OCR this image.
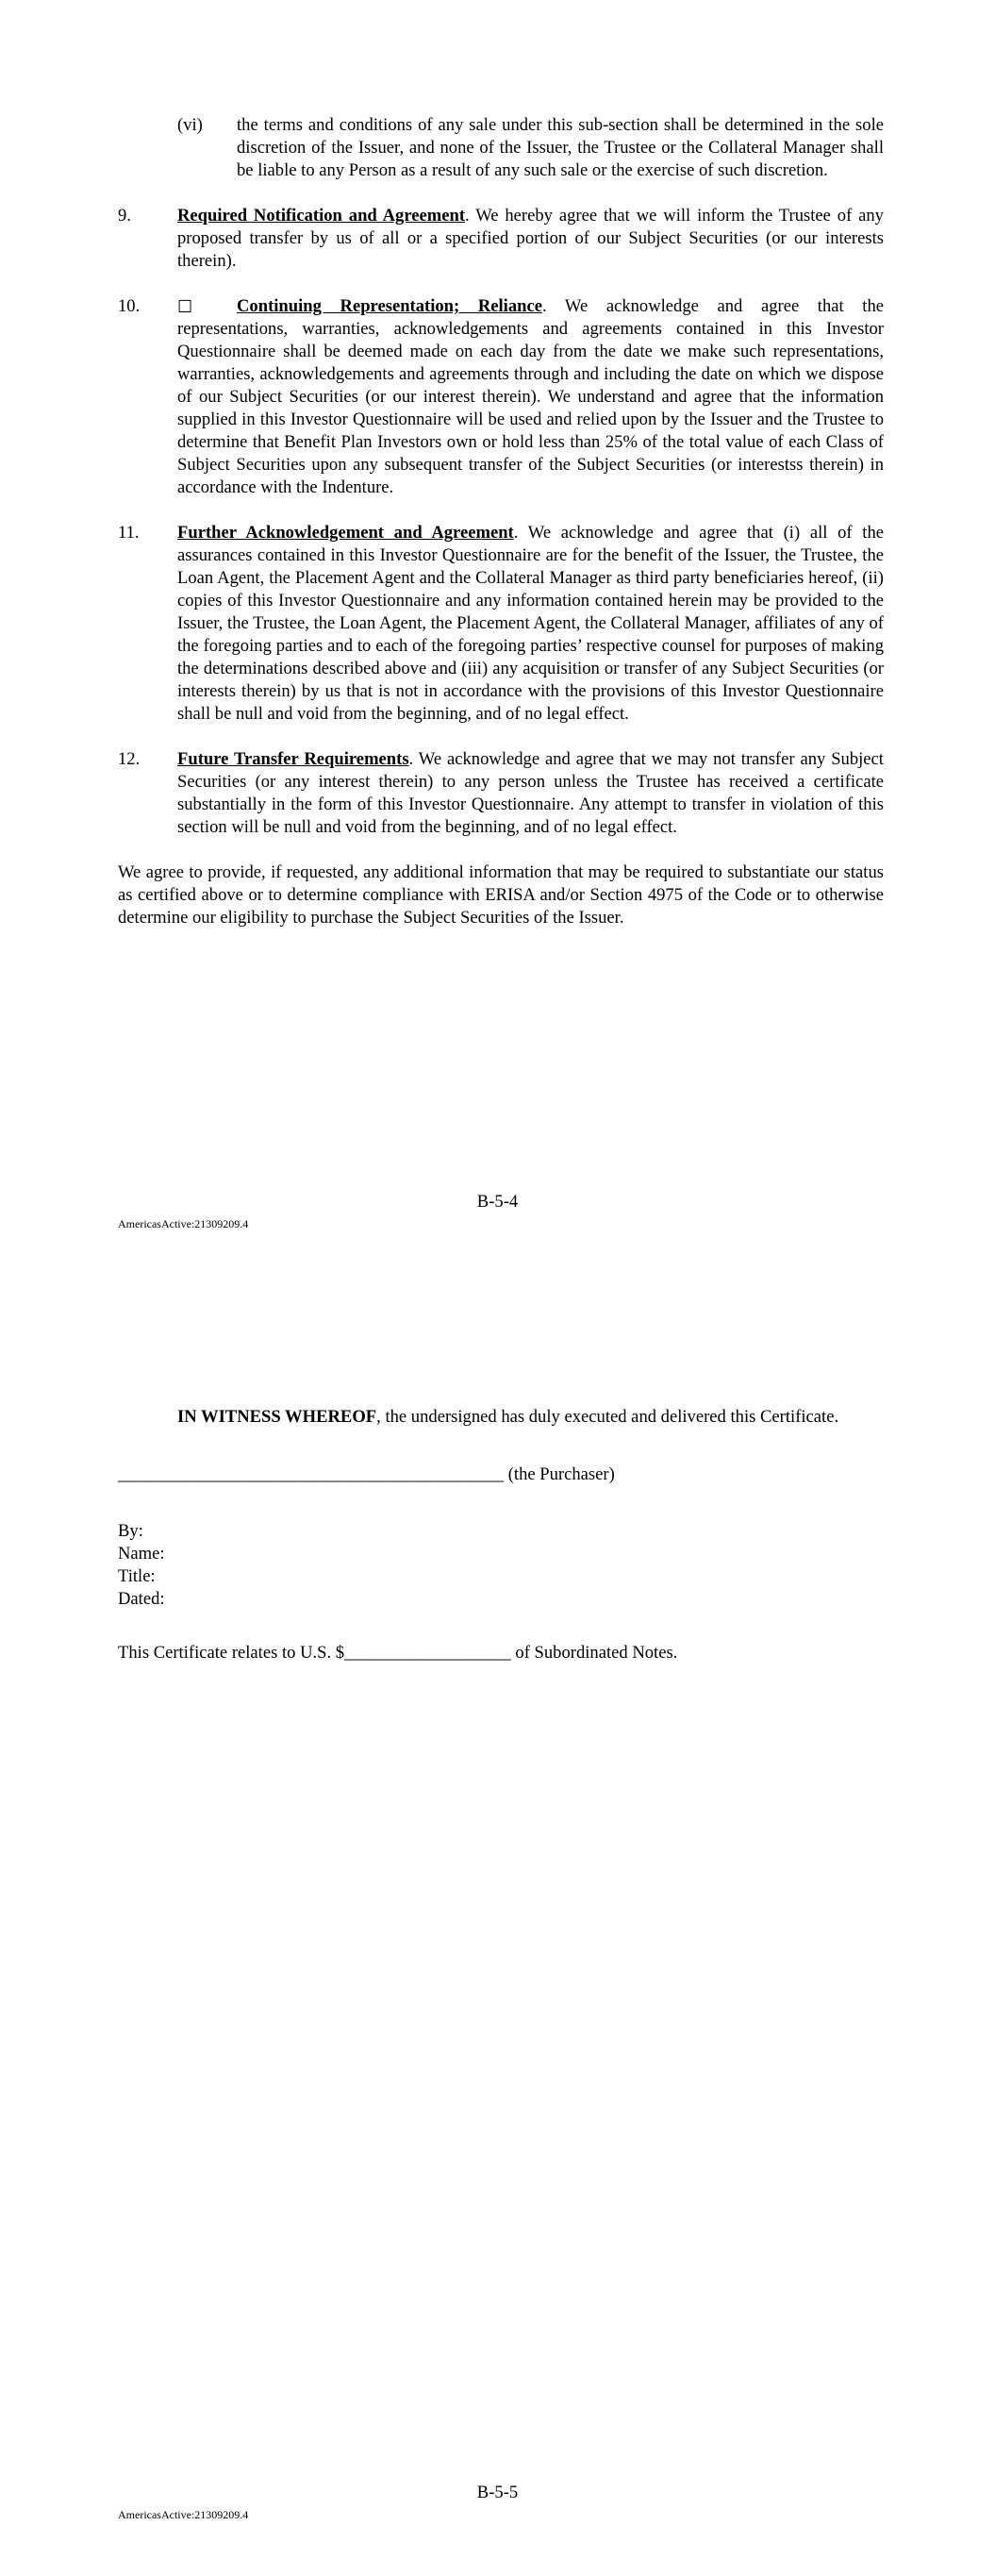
(vi) the terms and conditions of any sale under this sub-section shall be determined in the sole discretion of the Issuer, and none of the Issuer, the Trustee or the Collateral Manager shall be liable to any Person as a result of any such sale or the exercise of such discretion.
9.	Required Notification and Agreement. We hereby agree that we will inform the Trustee of any proposed transfer by us of all or a specified portion of our Subject Securities (or our interests therein).
10. ☐	Continuing Representation; Reliance. We acknowledge and agree that the representations, warranties, acknowledgements and agreements contained in this Investor Questionnaire shall be deemed made on each day from the date we make such representations, warranties, acknowledgements and agreements through and including the date on which we dispose of our Subject Securities (or our interest therein). We understand and agree that the information supplied in this Investor Questionnaire will be used and relied upon by the Issuer and the Trustee to determine that Benefit Plan Investors own or hold less than 25% of the total value of each Class of Subject Securities upon any subsequent transfer of the Subject Securities (or interestss therein) in accordance with the Indenture.
11.	Further Acknowledgement and Agreement. We acknowledge and agree that (i) all of the assurances contained in this Investor Questionnaire are for the benefit of the Issuer, the Trustee, the Loan Agent, the Placement Agent and the Collateral Manager as third party beneficiaries hereof, (ii) copies of this Investor Questionnaire and any information contained herein may be provided to the Issuer, the Trustee, the Loan Agent, the Placement Agent, the Collateral Manager, affiliates of any of the foregoing parties and to each of the foregoing parties’ respective counsel for purposes of making the determinations described above and (iii) any acquisition or transfer of any Subject Securities (or interests therein) by us that is not in accordance with the provisions of this Investor Questionnaire shall be null and void from the beginning, and of no legal effect.
12.	Future Transfer Requirements. We acknowledge and agree that we may not transfer any Subject Securities (or any interest therein) to any person unless the Trustee has received a certificate substantially in the form of this Investor Questionnaire. Any attempt to transfer in violation of this section will be null and void from the beginning, and of no legal effect.
We agree to provide, if requested, any additional information that may be required to substantiate our status as certified above or to determine compliance with ERISA and/or Section 4975 of the Code or to otherwise determine our eligibility to purchase the Subject Securities of the Issuer.
B-5-4
AmericasActive:21309209.4
IN WITNESS WHEREOF, the undersigned has duly executed and delivered this Certificate.
____________________________________________ (the Purchaser)
By:
Name:
Title:
Dated:
This Certificate relates to U.S. $___________________ of Subordinated Notes.
B-5-5
AmericasActive:21309209.4
